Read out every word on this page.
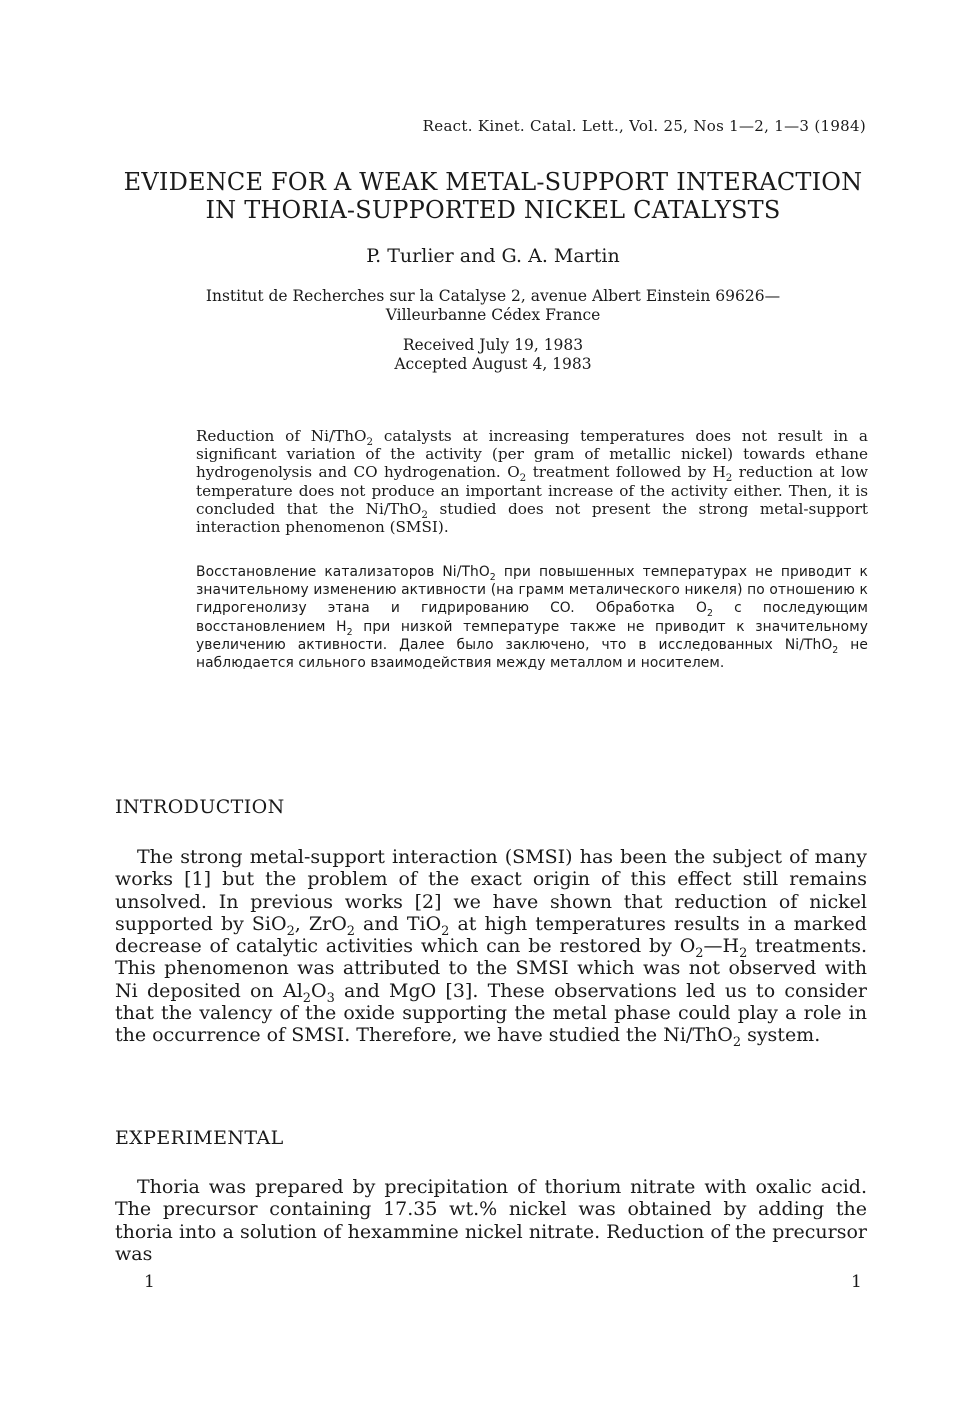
React. Kinet. Catal. Lett., Vol. 25, Nos 1—2, 1—3 (1984)
EVIDENCE FOR A WEAK METAL-SUPPORT INTERACTION
IN THORIA-SUPPORTED NICKEL CATALYSTS
P. Turlier and G. A. Martin
Institut de Recherches sur la Catalyse 2, avenue Albert Einstein 69626—
Villeurbanne Cédex France
Received July 19, 1983
Accepted August 4, 1983

Reduction of Ni/ThO$_2$ catalysts at increasing temperatures does not result in a significant variation of the activity (per gram of metallic nickel) towards ethane hydrogenolysis and CO hydrogenation. $O_2$ treatment followed by $H_2$ reduction at low temperature does not produce an important increase of the activity either. Then, it is concluded that the Ni/ThO$_2$ studied does not present the strong metal-support interaction phenomenon (SMSI).

Восстановление катализаторов Ni/ThO$_2$ при повышенных температурах не приводит к значительному изменению активности (на грамм металического никеля) по отношению к гидрогенолизу этана и гидрированию CO. Обработка $O_2$ с последующим восстановлением $H_2$ при низкой температуре также не приводит к значительному увеличению активности. Далее было заключено, что в исследованных Ni/ThO$_2$ не наблюдается сильного взаимодействия между металлом и носителем.

INTRODUCTION

The strong metal-support interaction (SMSI) has been the subject of many works [1] but the problem of the exact origin of this effect still remains unsolved. In previous works [2] we have shown that reduction of nickel supported by SiO$_2$, ZrO$_2$ and TiO$_2$ at high temperatures results in a marked decrease of catalytic activities which can be restored by $O_2—H_2$ treatments. This phenomenon was attributed to the SMSI which was not observed with Ni deposited on $Al_2O_3$ and MgO [3]. These observations led us to consider that the valency of the oxide supporting the metal phase could play a role in the occurrence of SMSI. Therefore, we have studied the Ni/ThO$_2$ system.

EXPERIMENTAL

Thoria was prepared by precipitation of thorium nitrate with oxalic acid. The precursor containing 17.35 wt.% nickel was obtained by adding the thoria into a solution of hexammine nickel nitrate. Reduction of the precursor was

1	1
